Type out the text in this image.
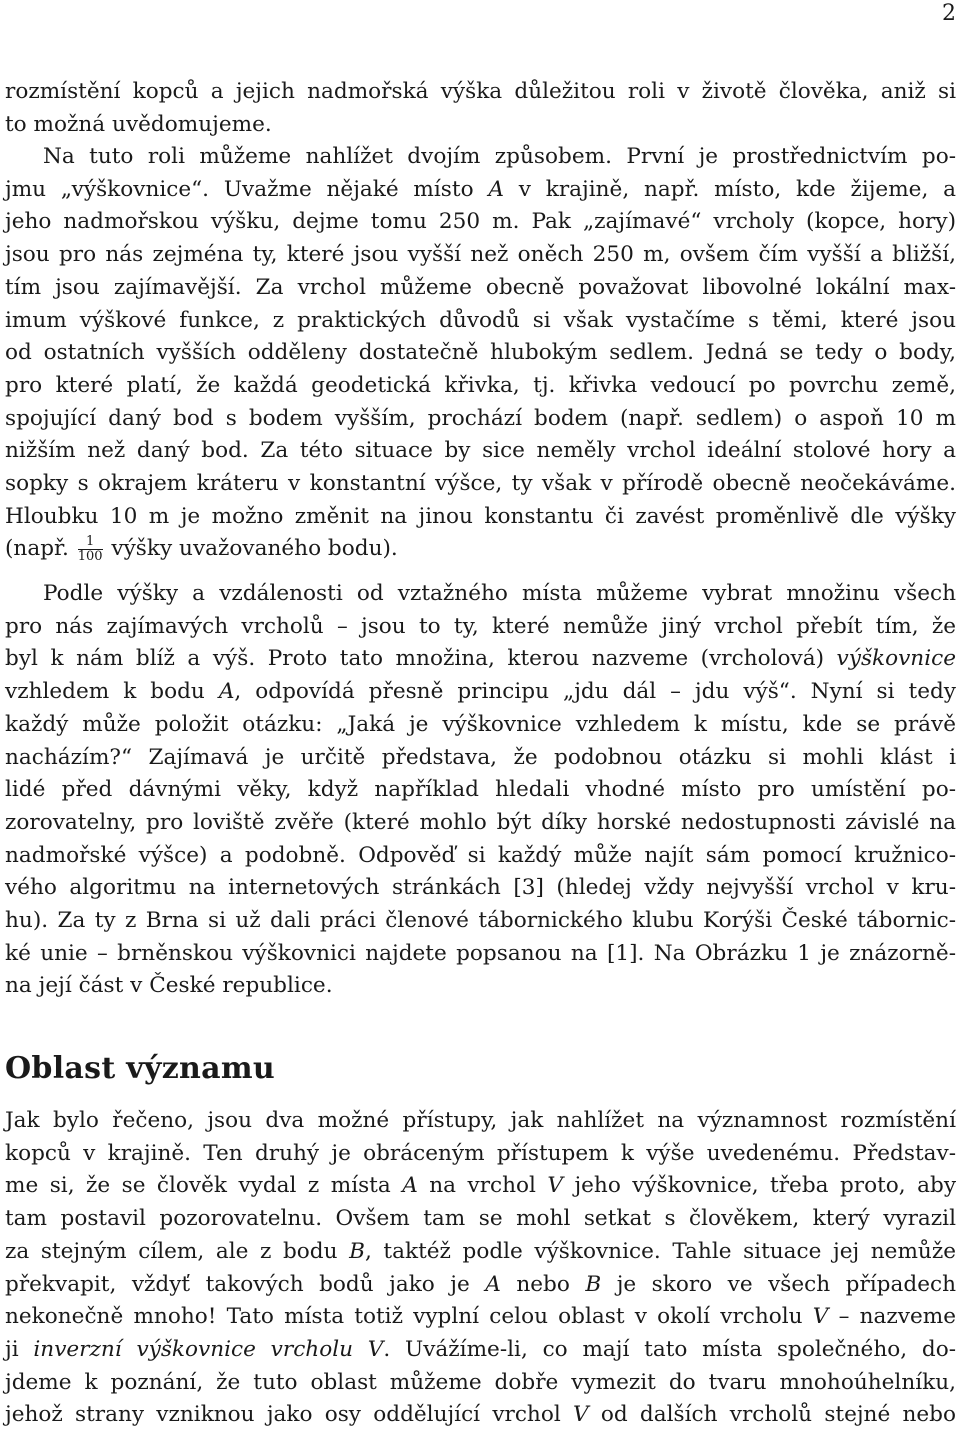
2
rozmístění kopců a jejich nadmořská výška důležitou roli v životě člověka, aniž si
to možná uvědomujeme.
Na tuto roli můžeme nahlížet dvojím způsobem. První je prostřednictvím po-
jmu „výškovnice“. Uvažme nějaké místo A v krajině, např. místo, kde žijeme, a
jeho nadmořskou výšku, dejme tomu 250 m. Pak „zajímavé“ vrcholy (kopce, hory)
jsou pro nás zejména ty, které jsou vyšší než oněch 250 m, ovšem čím vyšší a bližší,
tím jsou zajímavější. Za vrchol můžeme obecně považovat libovolné lokální max-
imum výškové funkce, z praktických důvodů si však vystačíme s těmi, které jsou
od ostatních vyšších odděleny dostatečně hlubokým sedlem. Jedná se tedy o body,
pro které platí, že každá geodetická křivka, tj. křivka vedoucí po povrchu země,
spojující daný bod s bodem vyšším, prochází bodem (např. sedlem) o aspoň 10 m
nižším než daný bod. Za této situace by sice neměly vrchol ideální stolové hory a
sopky s okrajem kráteru v konstantní výšce, ty však v přírodě obecně neočekáváme.
Hloubku 10 m je možno změnit na jinou konstantu či zavést proměnlivě dle výšky
(např. $\frac{1}{100}$ výšky uvažovaného bodu).
Podle výšky a vzdálenosti od vztažného místa můžeme vybrat množinu všech
pro nás zajímavých vrcholů – jsou to ty, které nemůže jiný vrchol přebít tím, že
byl k nám blíž a výš. Proto tato množina, kterou nazveme (vrcholová) výškovnice
vzhledem k bodu A, odpovídá přesně principu „jdu dál – jdu výš“. Nyní si tedy
každý může položit otázku: „Jaká je výškovnice vzhledem k místu, kde se právě
nacházím?“ Zajímavá je určitě představa, že podobnou otázku si mohli klást i
lidé před dávnými věky, když například hledali vhodné místo pro umístění po-
zorovatelny, pro loviště zvěře (které mohlo být díky horské nedostupnosti závislé na
nadmořské výšce) a podobně. Odpověď si každý může najít sám pomocí kružnico-
vého algoritmu na internetových stránkách [3] (hledej vždy nejvyšší vrchol v kru-
hu). Za ty z Brna si už dali práci členové tábornického klubu Korýši České tábornic-
ké unie – brněnskou výškovnici najdete popsanou na [1]. Na Obrázku 1 je znázorně-
na její část v České republice.
Oblast významu
Jak bylo řečeno, jsou dva možné přístupy, jak nahlížet na významnost rozmístění
kopců v krajině. Ten druhý je obráceným přístupem k výše uvedenému. Představ-
me si, že se člověk vydal z místa A na vrchol V jeho výškovnice, třeba proto, aby
tam postavil pozorovatelnu. Ovšem tam se mohl setkat s člověkem, který vyrazil
za stejným cílem, ale z bodu B, taktéž podle výškovnice. Tahle situace jej nemůže
překvapit, vždyť takových bodů jako je A nebo B je skoro ve všech případech
nekonečně mnoho! Tato místa totiž vyplní celou oblast v okolí vrcholu V – nazveme
ji inverzní výškovnice vrcholu V. Uvážíme-li, co mají tato místa společného, do-
jdeme k poznání, že tuto oblast můžeme dobře vymezit do tvaru mnohoúhelníku,
jehož strany vzniknou jako osy oddělující vrchol V od dalších vrcholů stejné nebo
